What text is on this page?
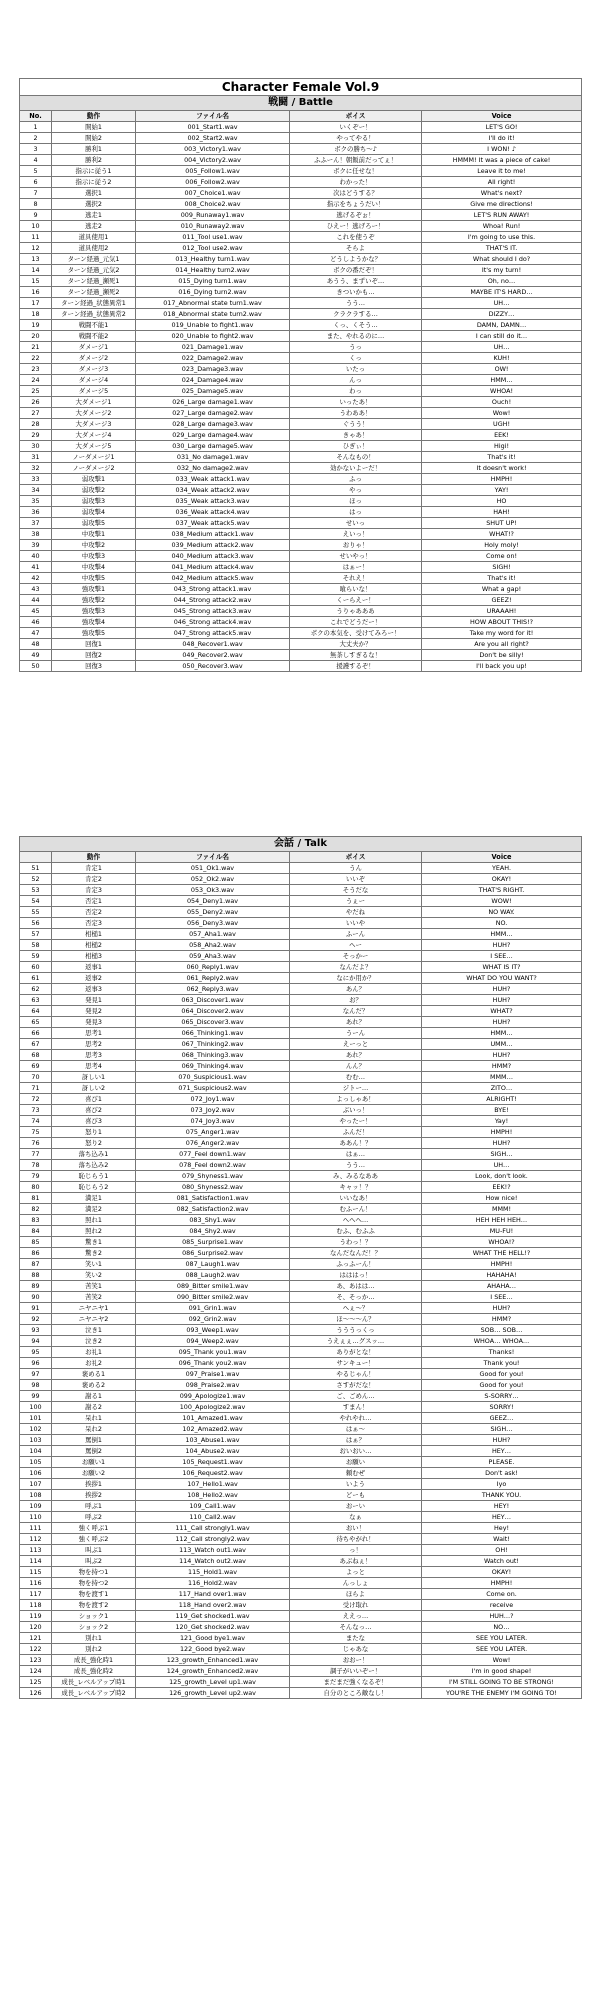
Character Female Vol.9				
戦闘 / Battle				
No.	動作	ファイル名	ボイス	Voice
1	開始1	001_Start1.wav	いくぞー！	LET'S GO!
2	開始2	002_Start2.wav	やってやる！	I'll do it!
3	勝利1	003_Victory1.wav	ボクの勝ち～♪	I WON! ♪
4	勝利2	004_Victory2.wav	ふふーん！朝飯前だってぇ！	HMMM! It was a piece of cake!
5	指示に従う1	005_Follow1.wav	ボクに任せな！	Leave it to me!
6	指示に従う2	006_Follow2.wav	わかった！	All right!
7	選択1	007_Choice1.wav	次はどうする？	What's next?
8	選択2	008_Choice2.wav	指示をちょうだい！	Give me directions!
9	逃走1	009_Runaway1.wav	逃げるぞぉ！	LET'S RUN AWAY!
10	逃走2	010_Runaway2.wav	ひえー！逃げろー！	Whoa! Run!
11	道具使用1	011_Tool use1.wav	これを使うぞ	I'm going to use this.
12	道具使用2	012_Tool use2.wav	そらよ	THAT'S IT.
13	ターン経過_元気1	013_Healthy turn1.wav	どうしようかな？	What should I do?
14	ターン経過_元気2	014_Healthy turn2.wav	ボクの番だぞ！	It's my turn!
15	ターン経過_瀕死1	015_Dying turn1.wav	あうう、まずいぞ…	Oh, no…
16	ターン経過_瀕死2	016_Dying turn2.wav	きついかも…	MAYBE IT'S HARD…
17	ターン経過_状態異常1	017_Abnormal state turn1.wav	うう…	UH…
18	ターン経過_状態異常2	018_Abnormal state turn2.wav	クラクラする…	DIZZY…
19	戦闘不能1	019_Unable to fight1.wav	くっ、くそう…	DAMN, DAMN…
20	戦闘不能2	020_Unable to fight2.wav	また、やれるのに…	I can still do it…
21	ダメージ1	021_Damage1.wav	うっ	UH…
22	ダメージ2	022_Damage2.wav	くっ	KUH!
23	ダメージ3	023_Damage3.wav	いたっ	OW!
24	ダメージ4	024_Damage4.wav	んっ	HMM…
25	ダメージ5	025_Damage5.wav	わっ	WHOA!
26	大ダメージ1	026_Large damage1.wav	いったあ！	Ouch!
27	大ダメージ2	027_Large damage2.wav	うわああ！	Wow!
28	大ダメージ3	028_Large damage3.wav	ぐうう！	UGH!
29	大ダメージ4	029_Large damage4.wav	きゃあ！	EEK!
30	大ダメージ5	030_Large damage5.wav	ひぎぃ！	Higi!
31	ノーダメージ1	031_No damage1.wav	そんなもの！	That's it!
32	ノーダメージ2	032_No damage2.wav	効かないよーだ！	It doesn't work!
33	弱攻撃1	033_Weak attack1.wav	ふっ	HMPH!
34	弱攻撃2	034_Weak attack2.wav	やっ	YAY!
35	弱攻撃3	035_Weak attack3.wav	ほっ	HO
36	弱攻撃4	036_Weak attack4.wav	はっ	HAH!
37	弱攻撃5	037_Weak attack5.wav	せいっ	SHUT UP!
38	中攻撃1	038_Medium attack1.wav	えいっ！	WHAT!?
39	中攻撃2	039_Medium attack2.wav	おりゃ！	Holy moly!
40	中攻撃3	040_Medium attack3.wav	せいやっ！	Come on!
41	中攻撃4	041_Medium attack4.wav	はぁー！	SIGH!
42	中攻撃5	042_Medium attack5.wav	それえ！	That's it!
43	強攻撃1	043_Strong attack1.wav	喰らいな！	What a gap!
44	強攻撃2	044_Strong attack2.wav	くーらえー！	GEEZ!
45	強攻撃3	045_Strong attack3.wav	うりゃあああ	URAAAH!
46	強攻撃4	046_Strong attack4.wav	これでどうだー！	HOW ABOUT THIS!?
47	強攻撃5	047_Strong attack5.wav	ボクの本気を、受けてみろー！	Take my word for it!
48	回復1	048_Recover1.wav	大丈夫か？	Are you all right?
49	回復2	049_Recover2.wav	無茶しすぎるな！	Don't be silly!
50	回復3	050_Recover3.wav	援護するぞ！	I'll back you up!
会話 / Talk				
	動作	ファイル名	ボイス	Voice
51	肯定1	051_Ok1.wav	うん	YEAH.
52	肯定2	052_Ok2.wav	いいぞ	OKAY!
53	肯定3	053_Ok3.wav	そうだな	THAT'S RIGHT.
54	否定1	054_Deny1.wav	うぇー	WOW!
55	否定2	055_Deny2.wav	やだね	NO WAY.
56	否定3	056_Deny3.wav	いいや	NO.
57	相槌1	057_Aha1.wav	ふーん	HMM…
58	相槌2	058_Aha2.wav	へー	HUH?
59	相槌3	059_Aha3.wav	そっかー	I SEE…
60	返事1	060_Reply1.wav	なんだよ？	WHAT IS IT?
61	返事2	061_Reply2.wav	なにか用か？	WHAT DO YOU WANT?
62	返事3	062_Reply3.wav	あん？	HUH?
63	発見1	063_Discover1.wav	お？	HUH?
64	発見2	064_Discover2.wav	なんだ？	WHAT?
65	発見3	065_Discover3.wav	あれ？	HUH?
66	思考1	066_Thinking1.wav	うーん	HMM…
67	思考2	067_Thinking2.wav	えーっと	UMM…
68	思考3	068_Thinking3.wav	あれ？	HUH?
69	思考4	069_Thinking4.wav	んん？	HMM?
70	訝しい1	070_Suspicious1.wav	むむ…	MMM…
71	訝しい2	071_Suspicious2.wav	ジトー…	ZITO…
72	喜び1	072_Joy1.wav	よっしゃあ！	ALRIGHT!
73	喜び2	073_Joy2.wav	ぶいっ！	BYE!
74	喜び3	074_Joy3.wav	やったー！	Yay!
75	怒り1	075_Anger1.wav	ふんだ！	HMPH!
76	怒り2	076_Anger2.wav	ああん！？	HUH?
77	落ち込み1	077_Feel down1.wav	はぁ…	SIGH…
78	落ち込み2	078_Feel down2.wav	うう…	UH…
79	恥じらう1	079_Shyness1.wav	み、みるなああ	Look, don't look.
80	恥じらう2	080_Shyness2.wav	キャッ！？	EEK!?
81	満足1	081_Satisfaction1.wav	いいなあ！	How nice!
82	満足2	082_Satisfaction2.wav	むふーん！	MMM!
83	照れ1	083_Shy1.wav	へへへ…	HEH HEH HEH…
84	照れ2	084_Shy2.wav	むふ、むふふ	MU-FU!
85	驚き1	085_Surprise1.wav	うわっ！？	WHOA!?
86	驚き2	086_Surprise2.wav	なんだなんだ！？	WHAT THE HELL!?
87	笑い1	087_Laugh1.wav	ふっふーん！	HMPH!
88	笑い2	088_Laugh2.wav	はははっ！	HAHAHA!
89	苦笑1	089_Bitter smile1.wav	あ、あはは…	AHAHA…
90	苦笑2	090_Bitter smile2.wav	そ、そっか…	I SEE…
91	ニヤニヤ1	091_Grin1.wav	へぇ～？	HUH?
92	ニヤニヤ2	092_Grin2.wav	ほ～～～ん？	HMM?
93	泣き1	093_Weep1.wav	うううっくっ	SOB… SOB…
94	泣き2	094_Weep2.wav	うえぇぇ…グスッ…	WHOA… WHOA…
95	お礼1	095_Thank you1.wav	ありがとな！	Thanks!
96	お礼2	096_Thank you2.wav	サンキュー！	Thank you!
97	褒める1	097_Praise1.wav	やるじゃん！	Good for you!
98	褒める2	098_Praise2.wav	さすがだな！	Good for you!
99	謝る1	099_Apologize1.wav	ご、ごめん…	S-SORRY…
100	謝る2	100_Apologize2.wav	すまん！	SORRY!
101	呆れ1	101_Amazed1.wav	やれやれ…	GEEZ…
102	呆れ2	102_Amazed2.wav	はぁ～	SIGH…
103	罵倒1	103_Abuse1.wav	はぁ？	HUH?
104	罵倒2	104_Abuse2.wav	おいおい…	HEY…
105	お願い1	105_Request1.wav	お願い	PLEASE.
106	お願い2	106_Request2.wav	頼むぜ	Don't ask!
107	挨拶1	107_Hello1.wav	いよう	Iyo
108	挨拶2	108_Hello2.wav	どーも	THANK YOU.
109	呼ぶ1	109_Call1.wav	おーい	HEY!
110	呼ぶ2	110_Call2.wav	なぁ	HEY…
111	強く呼ぶ1	111_Call strongly1.wav	おい！	Hey!
112	強く呼ぶ2	112_Call strongly2.wav	待ちやがれ！	Wait!
113	叫ぶ1	113_Watch out1.wav	っ！	OH!
114	叫ぶ2	114_Watch out2.wav	あぶねぇ！	Watch out!
115	物を持つ1	115_Hold1.wav	よっと	OKAY!
116	物を持つ2	116_Hold2.wav	んっしょ	HMPH!
117	物を渡す1	117_Hand over1.wav	ほらよ	Come on.
118	物を渡す2	118_Hand over2.wav	受け取れ	receive
119	ショック1	119_Get shocked1.wav	ええっ…	HUH…?
120	ショック2	120_Get shocked2.wav	そんなっ…	NO…
121	別れ1	121_Good bye1.wav	またな	SEE YOU LATER.
122	別れ2	122_Good bye2.wav	じゃあな	SEE YOU LATER.
123	成長_強化時1	123_growth_Enhanced1.wav	おおー！	Wow!
124	成長_強化時2	124_growth_Enhanced2.wav	調子がいいぞー！	I'm in good shape!
125	成長_レベルアップ時1	125_growth_Level up1.wav	まだまだ強くなるぞ！	I'M STILL GOING TO BE STRONG!
126	成長_レベルアップ時2	126_growth_Level up2.wav	自分のところ敵なし！	YOU'RE THE ENEMY I'M GOING TO!
